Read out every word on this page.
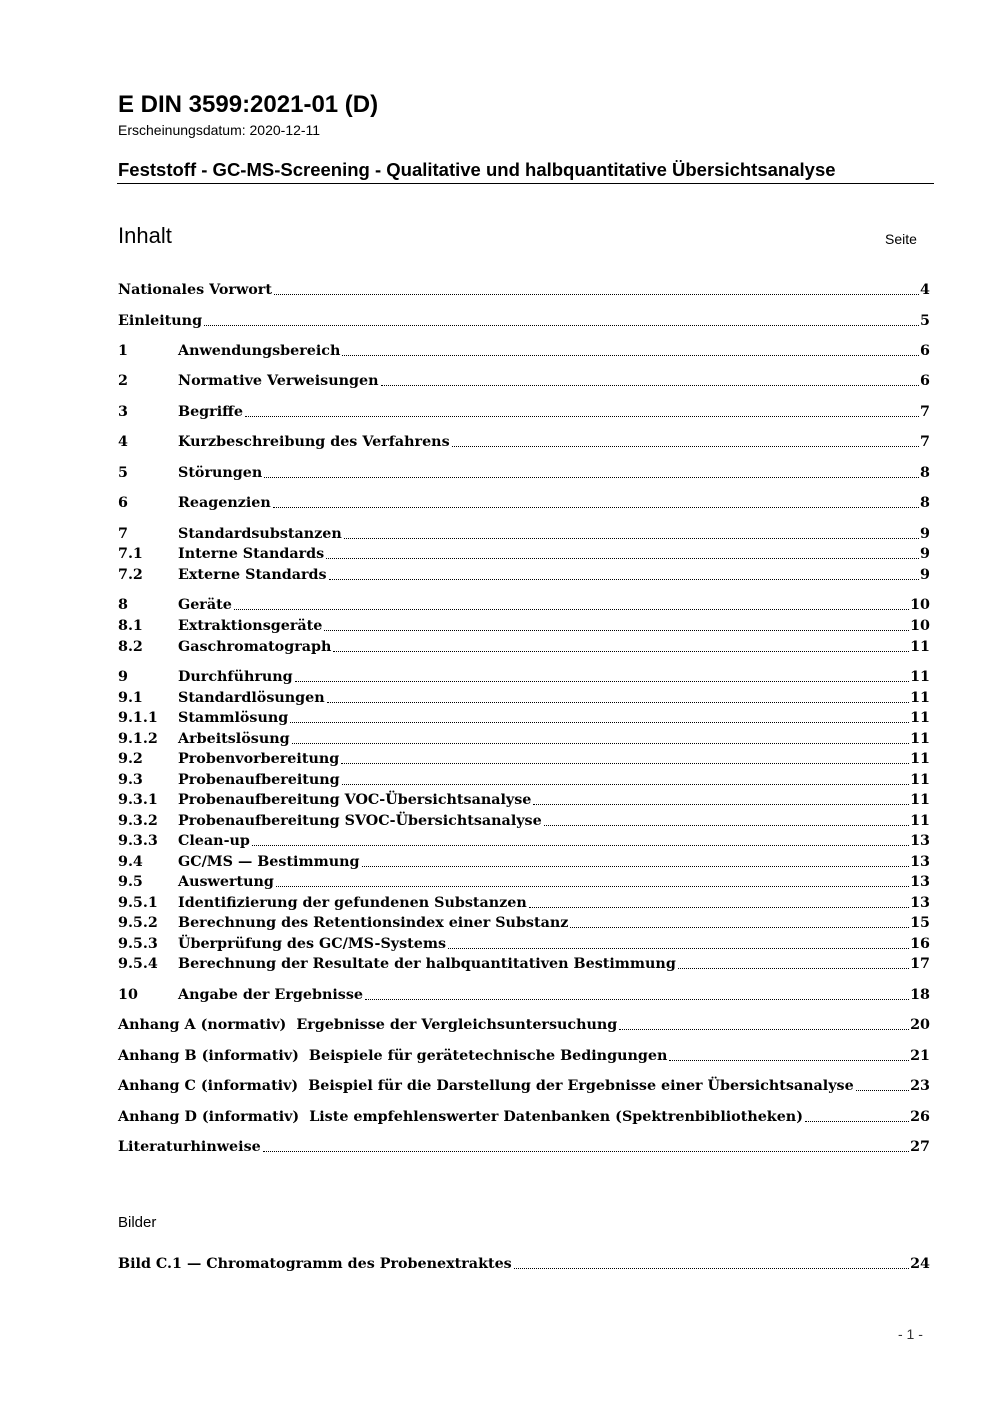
E DIN 3599:2021-01 (D)
Erscheinungsdatum: 2020-12-11
Feststoff - GC-MS-Screening - Qualitative und halbquantitative Übersichtsanalyse
Inhalt	Seite
Nationales Vorwort	4
Einleitung	5
1	Anwendungsbereich	6
2	Normative Verweisungen	6
3	Begriffe	7
4	Kurzbeschreibung des Verfahrens	7
5	Störungen	8
6	Reagenzien	8
7	Standardsubstanzen	9
7.1	Interne Standards	9
7.2	Externe Standards	9
8	Geräte	10
8.1	Extraktionsgeräte	10
8.2	Gaschromatograph	11
9	Durchführung	11
9.1	Standardlösungen	11
9.1.1	Stammlösung	11
9.1.2	Arbeitslösung	11
9.2	Probenvorbereitung	11
9.3	Probenaufbereitung	11
9.3.1	Probenaufbereitung VOC-Übersichtsanalyse	11
9.3.2	Probenaufbereitung SVOC-Übersichtsanalyse	11
9.3.3	Clean-up	13
9.4	GC/MS — Bestimmung	13
9.5	Auswertung	13
9.5.1	Identifizierung der gefundenen Substanzen	13
9.5.2	Berechnung des Retentionsindex einer Substanz	15
9.5.3	Überprüfung des GC/MS-Systems	16
9.5.4	Berechnung der Resultate der halbquantitativen Bestimmung	17
10	Angabe der Ergebnisse	18
Anhang A (normativ) Ergebnisse der Vergleichsuntersuchung	20
Anhang B (informativ) Beispiele für gerätetechnische Bedingungen	21
Anhang C (informativ) Beispiel für die Darstellung der Ergebnisse einer Übersichtsanalyse	23
Anhang D (informativ) Liste empfehlenswerter Datenbanken (Spektrenbibliotheken)	26
Literaturhinweise	27
Bilder
Bild C.1 — Chromatogramm des Probenextraktes	24
- 1 -
